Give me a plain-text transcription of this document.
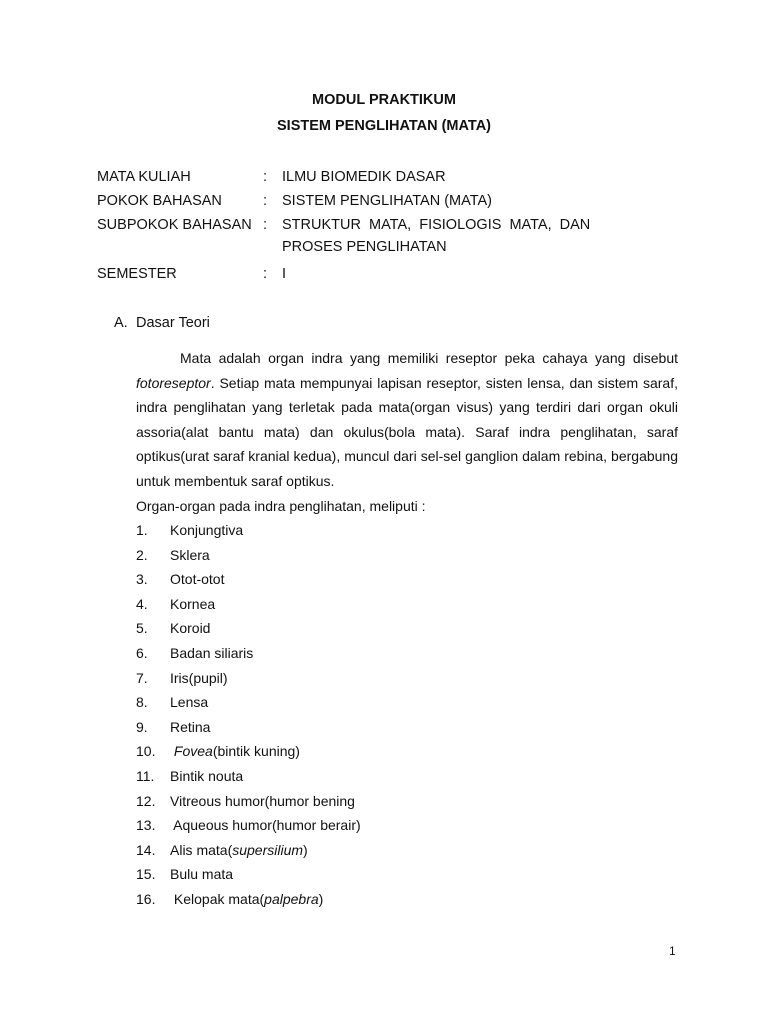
MODUL PRAKTIKUM
SISTEM PENGLIHATAN (MATA)
MATA KULIAH	: ILMU BIOMEDIK DASAR
POKOK BAHASAN	: SISTEM PENGLIHATAN (MATA)
SUBPOKOK BAHASAN : STRUKTUR  MATA,  FISIOLOGIS  MATA,  DAN
PROSES PENGLIHATAN
SEMESTER	: I
A. Dasar Teori

Mata adalah organ indra yang memiliki reseptor peka cahaya yang disebut fotoreseptor. Setiap mata mempunyai lapisan reseptor, sisten lensa, dan sistem saraf, indra penglihatan yang terletak pada mata(organ visus) yang terdiri dari organ okuli assoria(alat bantu mata) dan okulus(bola mata). Saraf indra penglihatan, saraf optikus(urat saraf kranial kedua), muncul dari sel-sel ganglion dalam rebina, bergabung untuk membentuk saraf optikus.

Organ-organ pada indra penglihatan, meliputi :

1. Konjungtiva
2. Sklera
3. Otot-otot
4. Kornea
5. Koroid
6. Badan siliaris
7. Iris(pupil)
8. Lensa
9. Retina
10. Fovea(bintik kuning)
11. Bintik nouta
12. Vitreous humor(humor bening
13. Aqueous humor(humor berair)
14. Alis mata(supersilium)
15. Bulu mata
16. Kelopak mata(palpebra)
1
